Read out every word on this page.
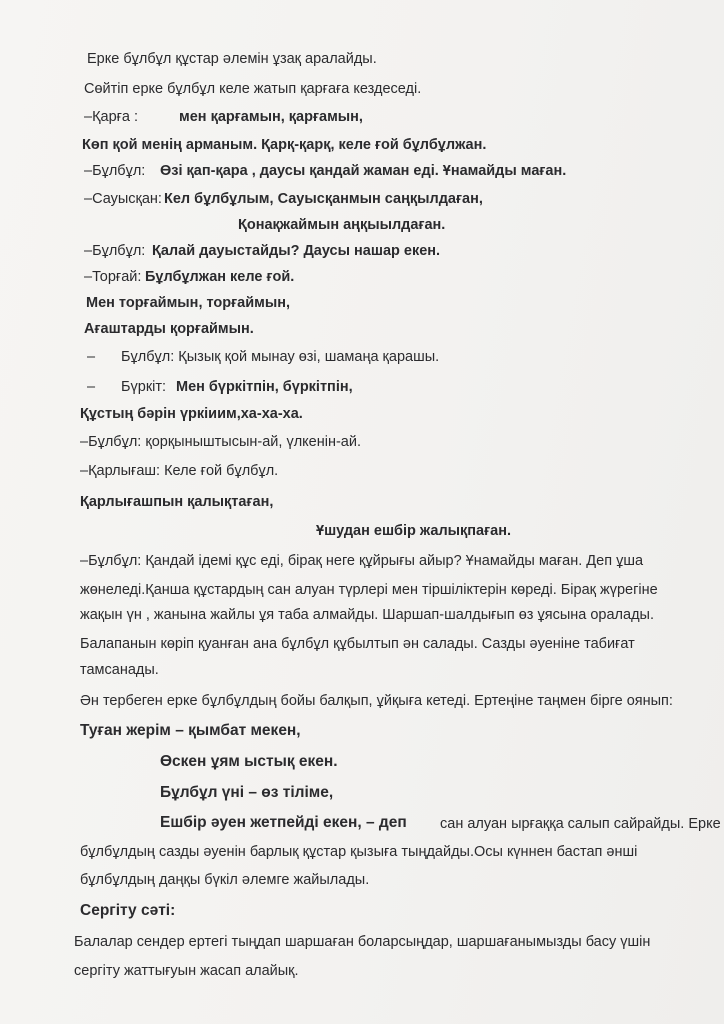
Ерке бұлбұл құстар әлемін ұзақ аралайды.
Сөйтіп ерке бұлбұл келе жатып қарғаға кездеседі.
–Қарға :	мен қарғамын, қарғамын,
Көп қой менің арманым. Қарқ-қарқ, келе ғой бұлбұлжан.
–Бұлбұл: Өзі қап-қара , даусы қандай жаман еді. Ұнамайды маған.
–Сауысқан: Кел бұлбұлым, Сауысқанмын саңқылдаған,
Қонақжаймын аңқыылдаған.
–Бұлбұл: Қалай дауыстайды? Даусы нашар екен.
–Торғай: Бұлбұлжан келе ғой.
Мен торғаймын, торғаймын,
Ағаштарды қорғаймын.
– Бұлбұл: Қызық қой мынау өзі, шамаңа қарашы.
– Бүркіт: Мен бүркітпін, бүркітпін,
Құстың бәрін үркіиим,ха-ха-ха.
–Бұлбұл: қорқыныштысын-ай, үлкенін-ай.
–Қарлығаш: Келе ғой бұлбұл.
Қарлығашпын қалықтаған,
Ұшудан ешбір жалықпаған.
–Бұлбұл: Қандай ідемі құс еді, бірақ неге құйрығы айыр? Ұнамайды маған. Деп ұша
жөнеледі.Қанша құстардың сан алуан түрлері мен тіршіліктерін көреді. Бірақ жүрегіне
жақын үн , жанына жайлы ұя таба алмайды. Шаршап-шалдығып өз ұясына оралады.
Балапанын көріп қуанған ана бұлбұл құбылтып ән салады. Сазды әуеніне табиғат
тамсанады.
Ән тербеген ерке бұлбұлдың бойы балқып, ұйқыға кетеді. Ертеңіне таңмен бірге оянып:
Туған жерім – қымбат мекен,
Өскен ұям ыстық екен.
Бұлбұл үні – өз тіліме,
Ешбір әуен жетпейді екен, – деп сан алуан ырғаққа салып сайрайды. Ерке
бұлбұлдың сазды әуенін барлық құстар қызыға тыңдайды.Осы күннен бастап әнші
бұлбұлдың даңқы бүкіл әлемге жайылады.
Сергіту сәті:
Балалар сендер ертегі тыңдап шаршаған боларсыңдар, шаршағанымызды басу үшін
сергіту жаттығуын жасап алайық.
